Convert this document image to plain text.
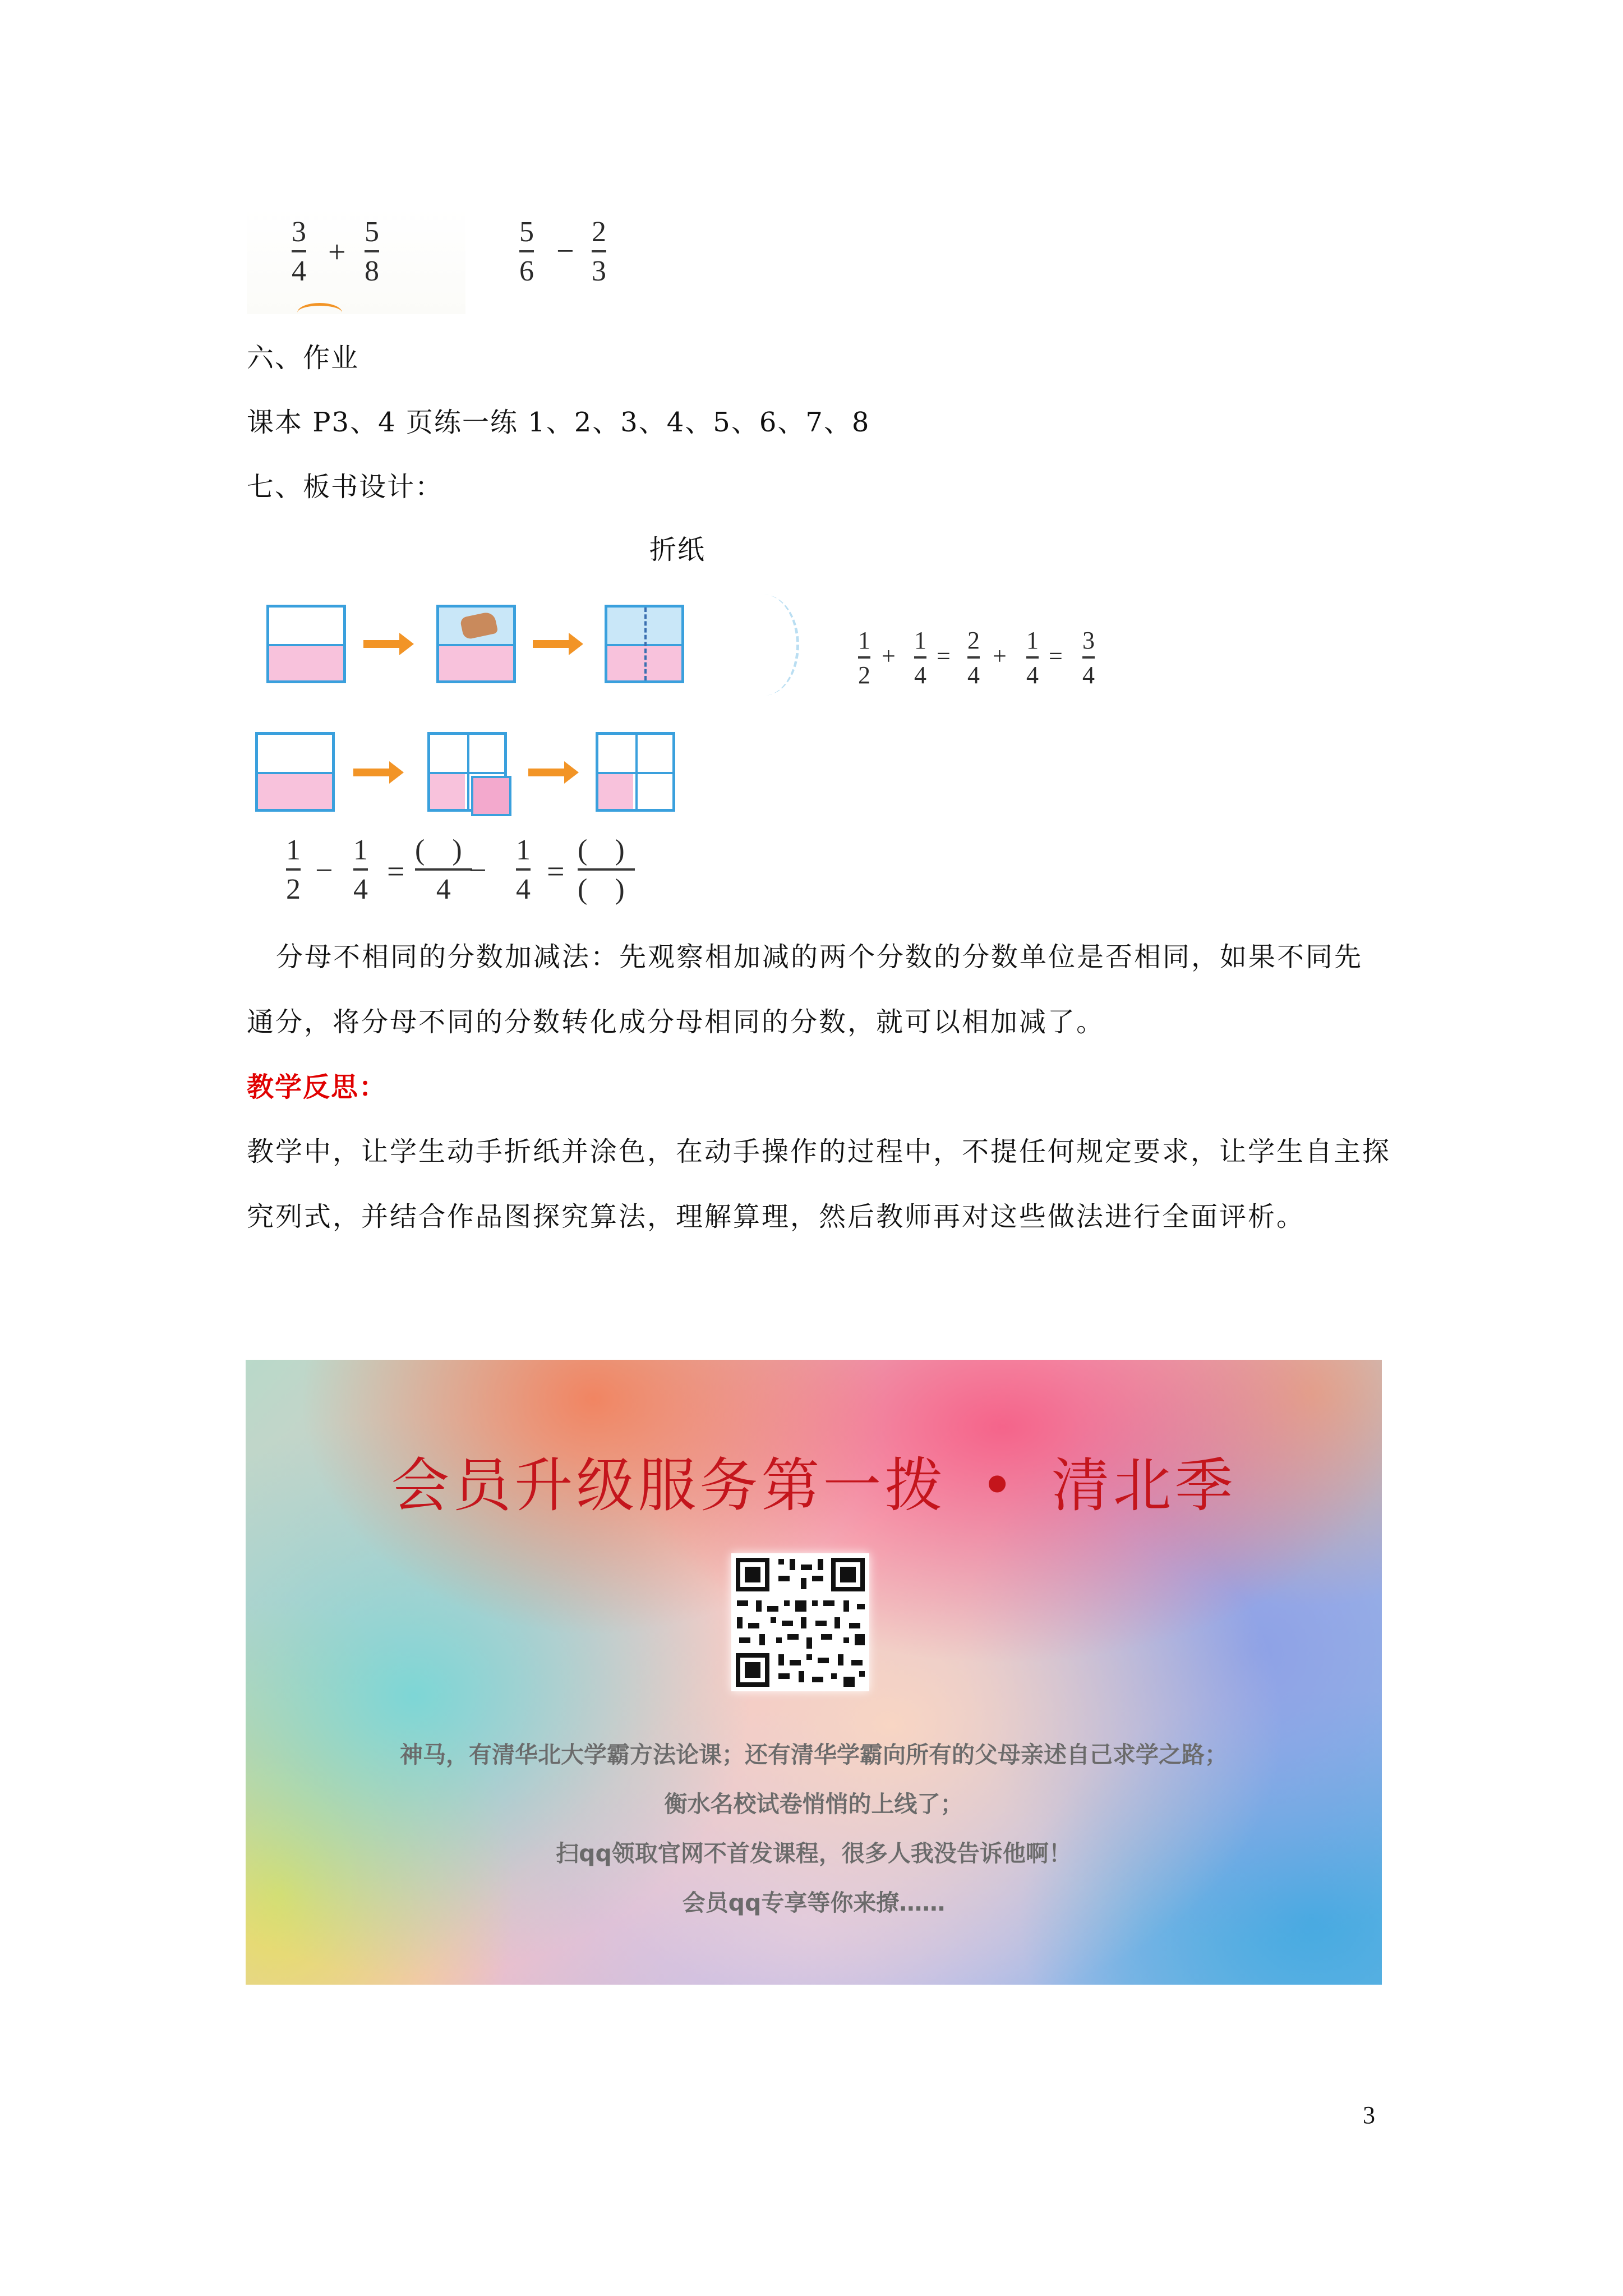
3
4
+
5
8
5
6
−
2
3
六、作业
课本 P3、4 页练一练 1、2、3、4、5、6、7、8
七、板书设计：
折纸
1
2
+
1
4
=
2
4
+
1
4
=
3
4
1
2
−
1
4
=
( )
4
−
1
4
=
( )
( )
分母不相同的分数加减法：先观察相加减的两个分数的分数单位是否相同，如果不同先通分，将分母不同的分数转化成分母相同的分数，就可以相加减了。
教学反思：
教学中，让学生动手折纸并涂色，在动手操作的过程中，不提任何规定要求，让学生自主探究列式，并结合作品图探究算法，理解算理，然后教师再对这些做法进行全面评析。
会员升级服务第一拨 • 清北季
神马，有清华北大学霸方法论课；还有清华学霸向所有的父母亲述自己求学之路；
衡水名校试卷悄悄的上线了；
扫qq领取官网不首发课程，很多人我没告诉他啊！
会员qq专享等你来撩……
3
